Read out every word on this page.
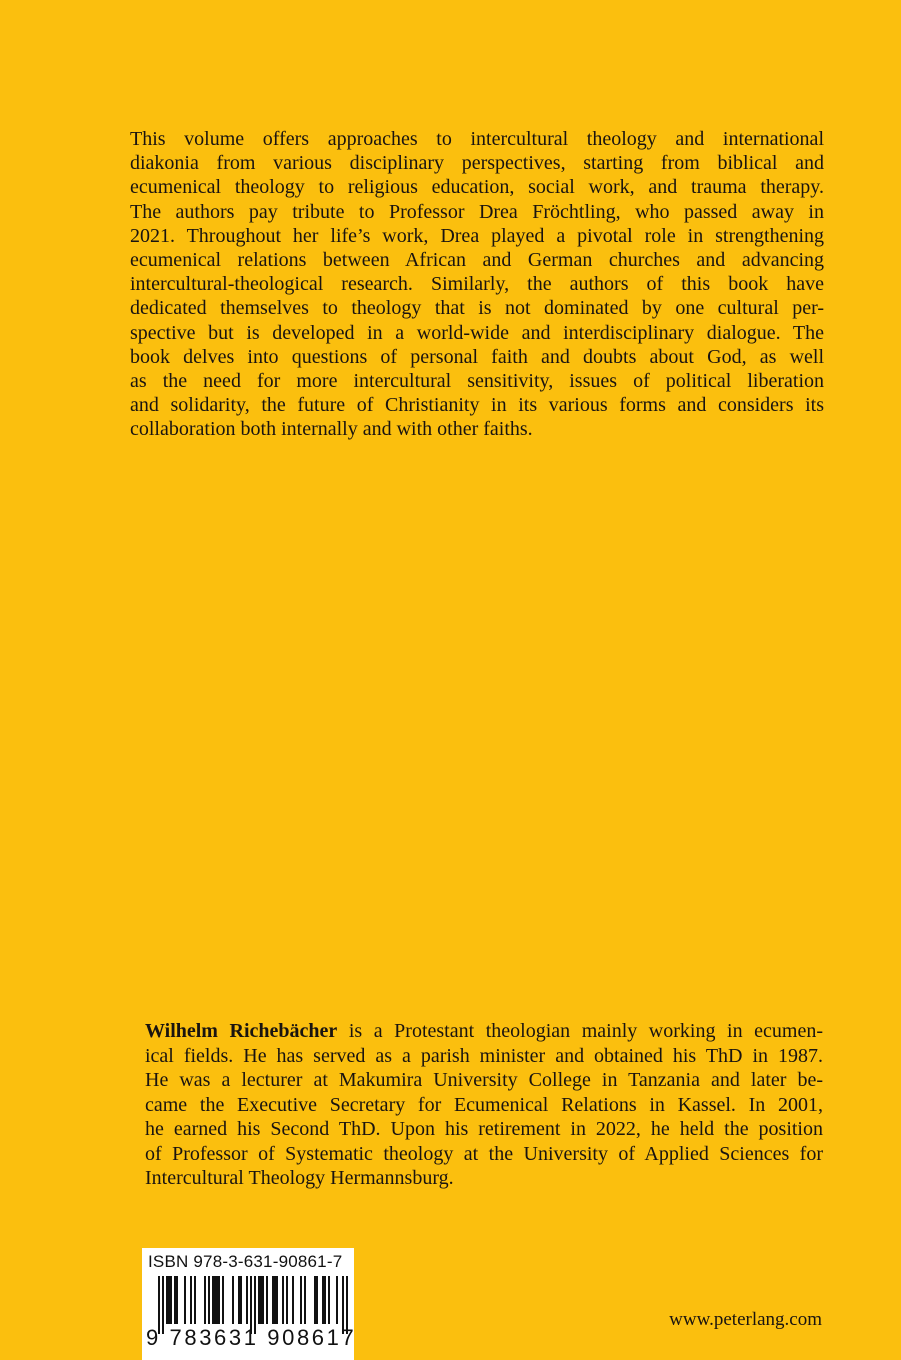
This volume offers approaches to intercultural theology and international
diakonia from various disciplinary perspectives, starting from biblical and
ecumenical theology to religious education, social work, and trauma therapy.
The authors pay tribute to Professor Drea Fröchtling, who passed away in
2021. Throughout her life’s work, Drea played a pivotal role in strengthening
ecumenical relations between African and German churches and advancing
intercultural-theological research. Similarly, the authors of this book have
dedicated themselves to theology that is not dominated by one cultural per-
spective but is developed in a world-wide and interdisciplinary dialogue. The
book delves into questions of personal faith and doubts about God, as well
as the need for more intercultural sensitivity, issues of political liberation
and solidarity, the future of Christianity in its various forms and considers its
collaboration both internally and with other faiths.
Wilhelm Richebächer is a Protestant theologian mainly working in ecumen-
ical fields. He has served as a parish minister and obtained his ThD in 1987.
He was a lecturer at Makumira University College in Tanzania and later be-
came the Executive Secretary for Ecumenical Relations in Kassel. In 2001,
he earned his Second ThD. Upon his retirement in 2022, he held the position
of Professor of Systematic theology at the University of Applied Sciences for
Intercultural Theology Hermannsburg.
ISBN 978-3-631-90861-7
9 783631 908617
www.peterlang.com
